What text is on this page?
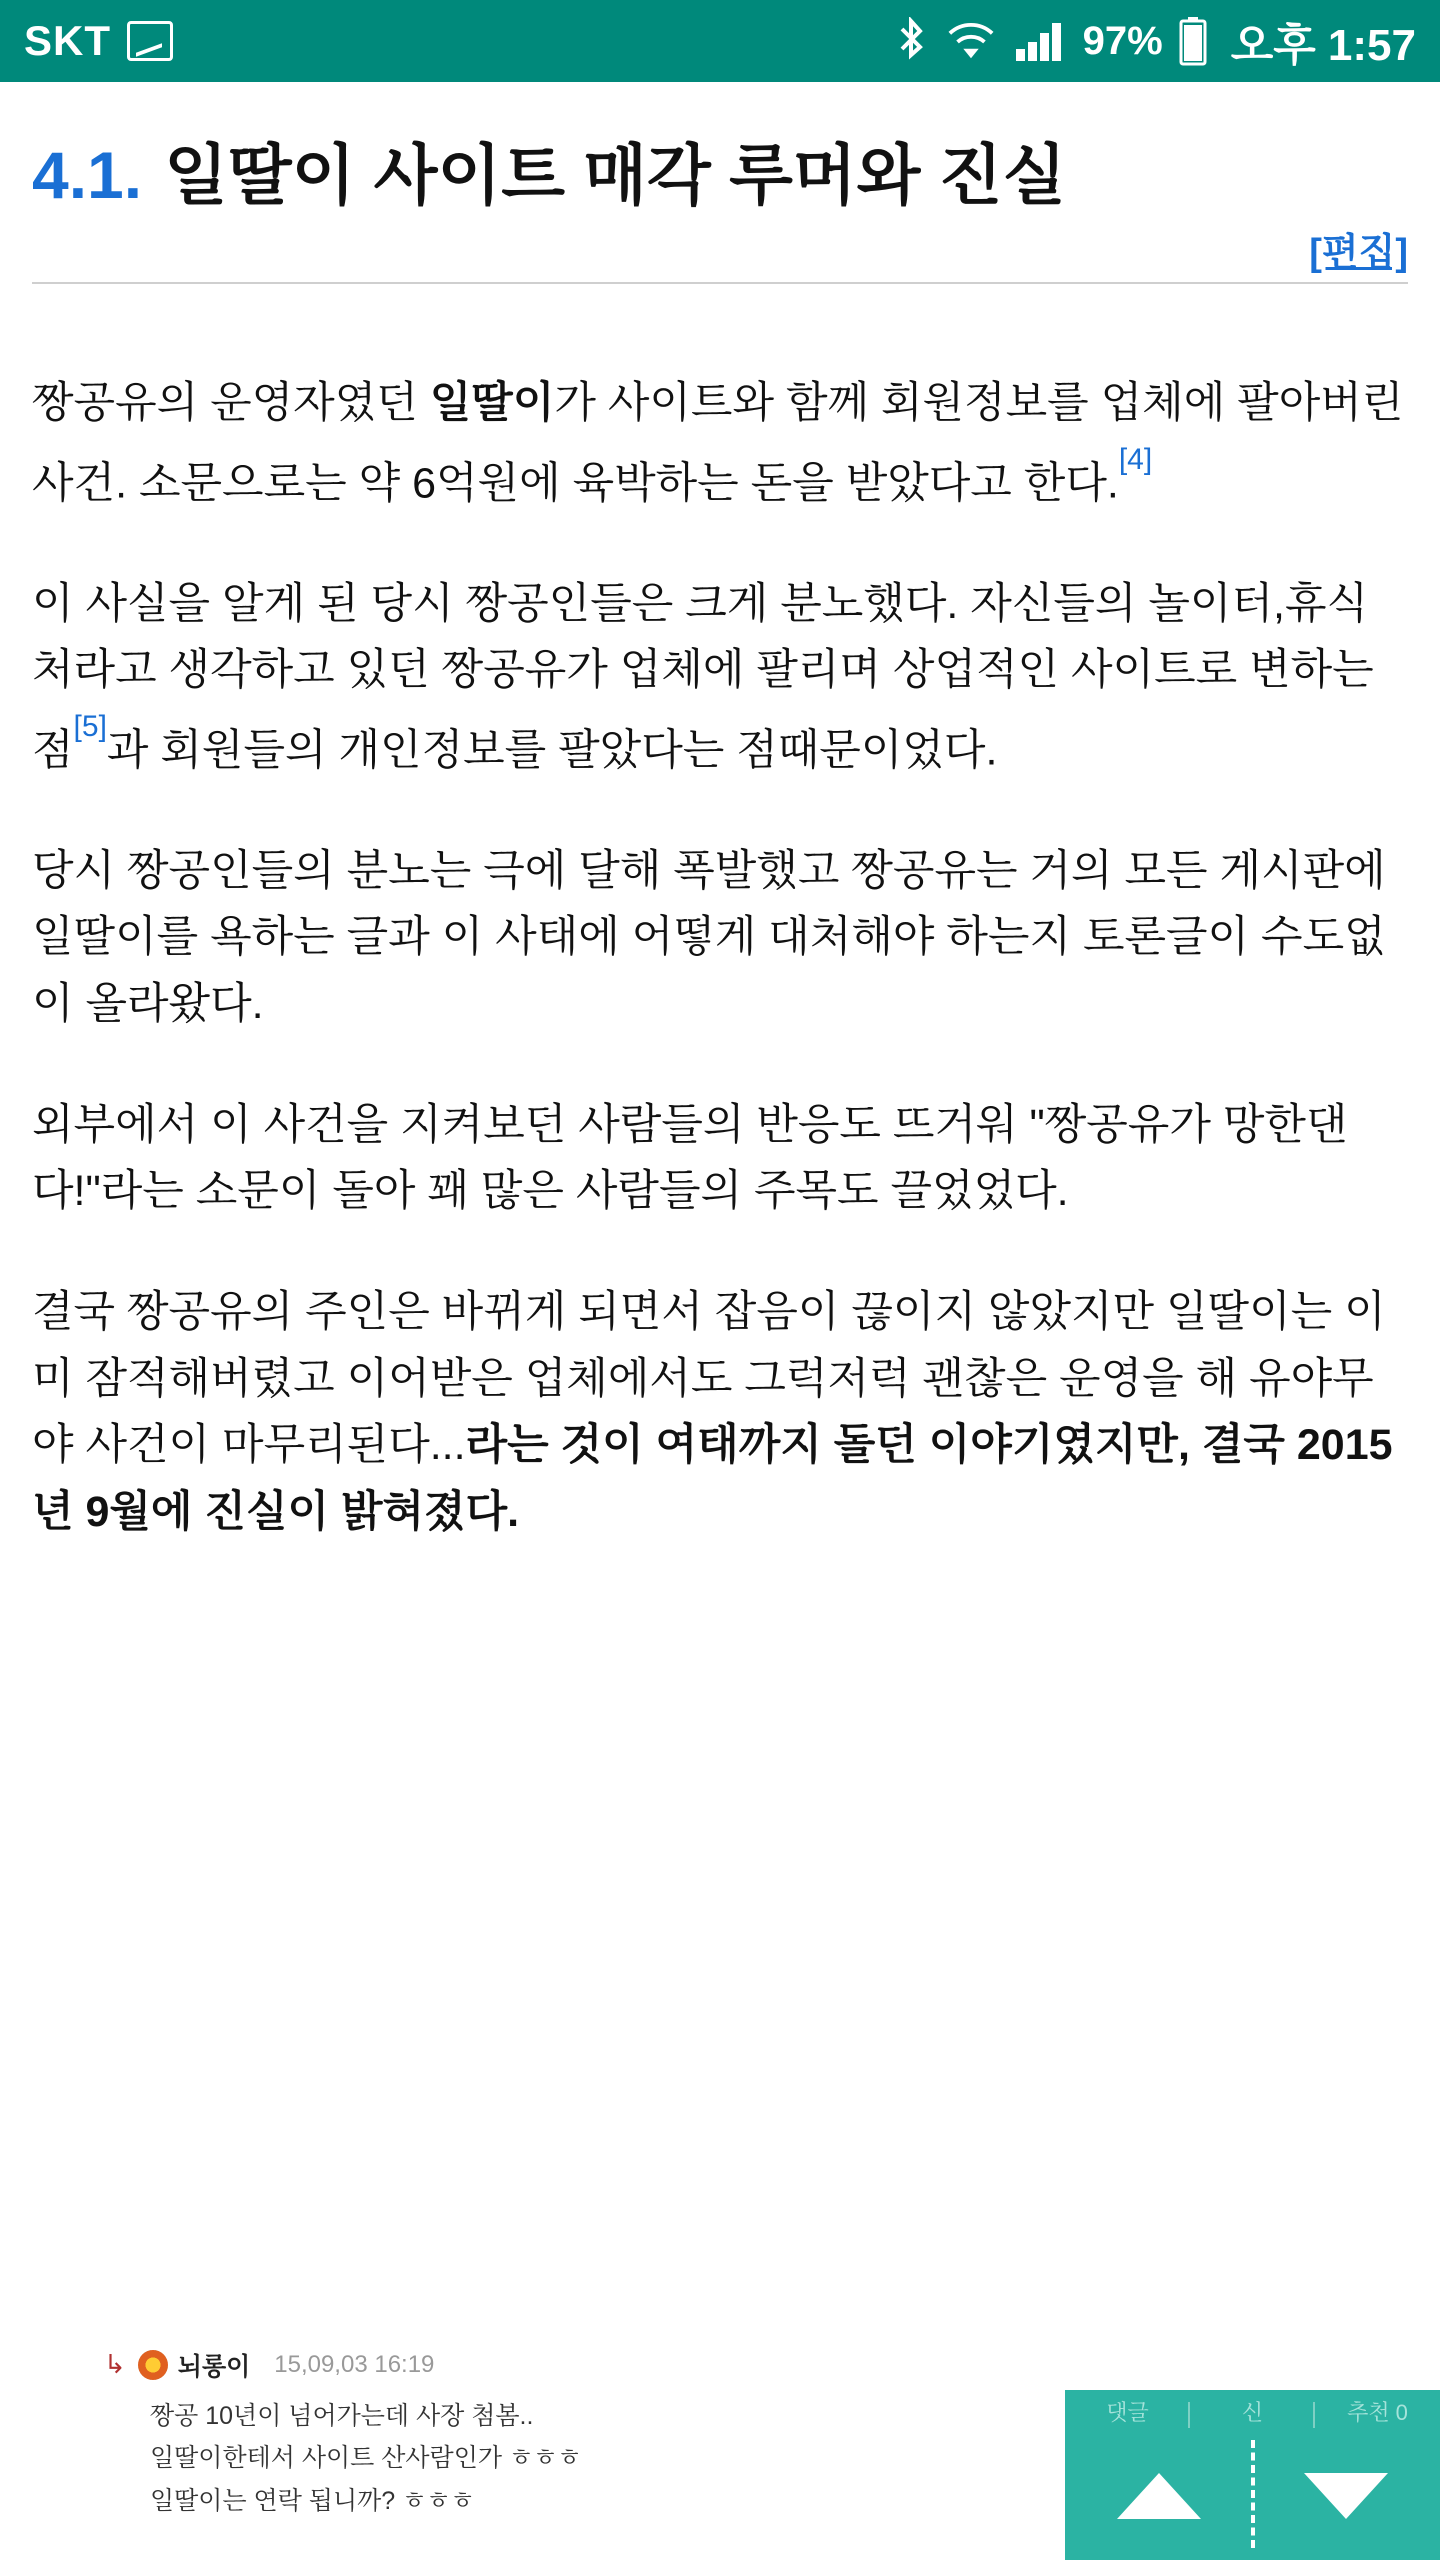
SKT	97% 오후 1:57
4.1. 일딸이 사이트 매각 루머와 진실
[편집]

짱공유의 운영자였던 일딸이가 사이트와 함께 회원정보를 업체에 팔아버린 사건. 소문으로는 약 6억원에 육박하는 돈을 받았다고 한다.[4]

이 사실을 알게 된 당시 짱공인들은 크게 분노했다. 자신들의 놀이터,휴식처라고 생각하고 있던 짱공유가 업체에 팔리며 상업적인 사이트로 변하는 점[5]과 회원들의 개인정보를 팔았다는 점때문이었다.

당시 짱공인들의 분노는 극에 달해 폭발했고 짱공유는 거의 모든 게시판에 일딸이를 욕하는 글과 이 사태에 어떻게 대처해야 하는지 토론글이 수도없이 올라왔다.

외부에서 이 사건을 지켜보던 사람들의 반응도 뜨거워 "짱공유가 망한댄다!"라는 소문이 돌아 꽤 많은 사람들의 주목도 끌었었다.

결국 짱공유의 주인은 바뀌게 되면서 잡음이 끊이지 않았지만 일딸이는 이미 잠적해버렸고 이어받은 업체에서도 그럭저럭 괜찮은 운영을 해 유야무야 사건이 마무리된다...라는 것이 여태까지 돌던 이야기였지만, 결국 2015년 9월에 진실이 밝혀졌다.

↳ 뇌롱이 15,09,03 16:19
짱공 10년이 넘어가는데 사장 첨봄..
일딸이한테서 사이트 산사람인가 ㅎㅎㅎ
일딸이는 연락 됩니까? ㅎㅎㅎ
댓글	신	추천 0
